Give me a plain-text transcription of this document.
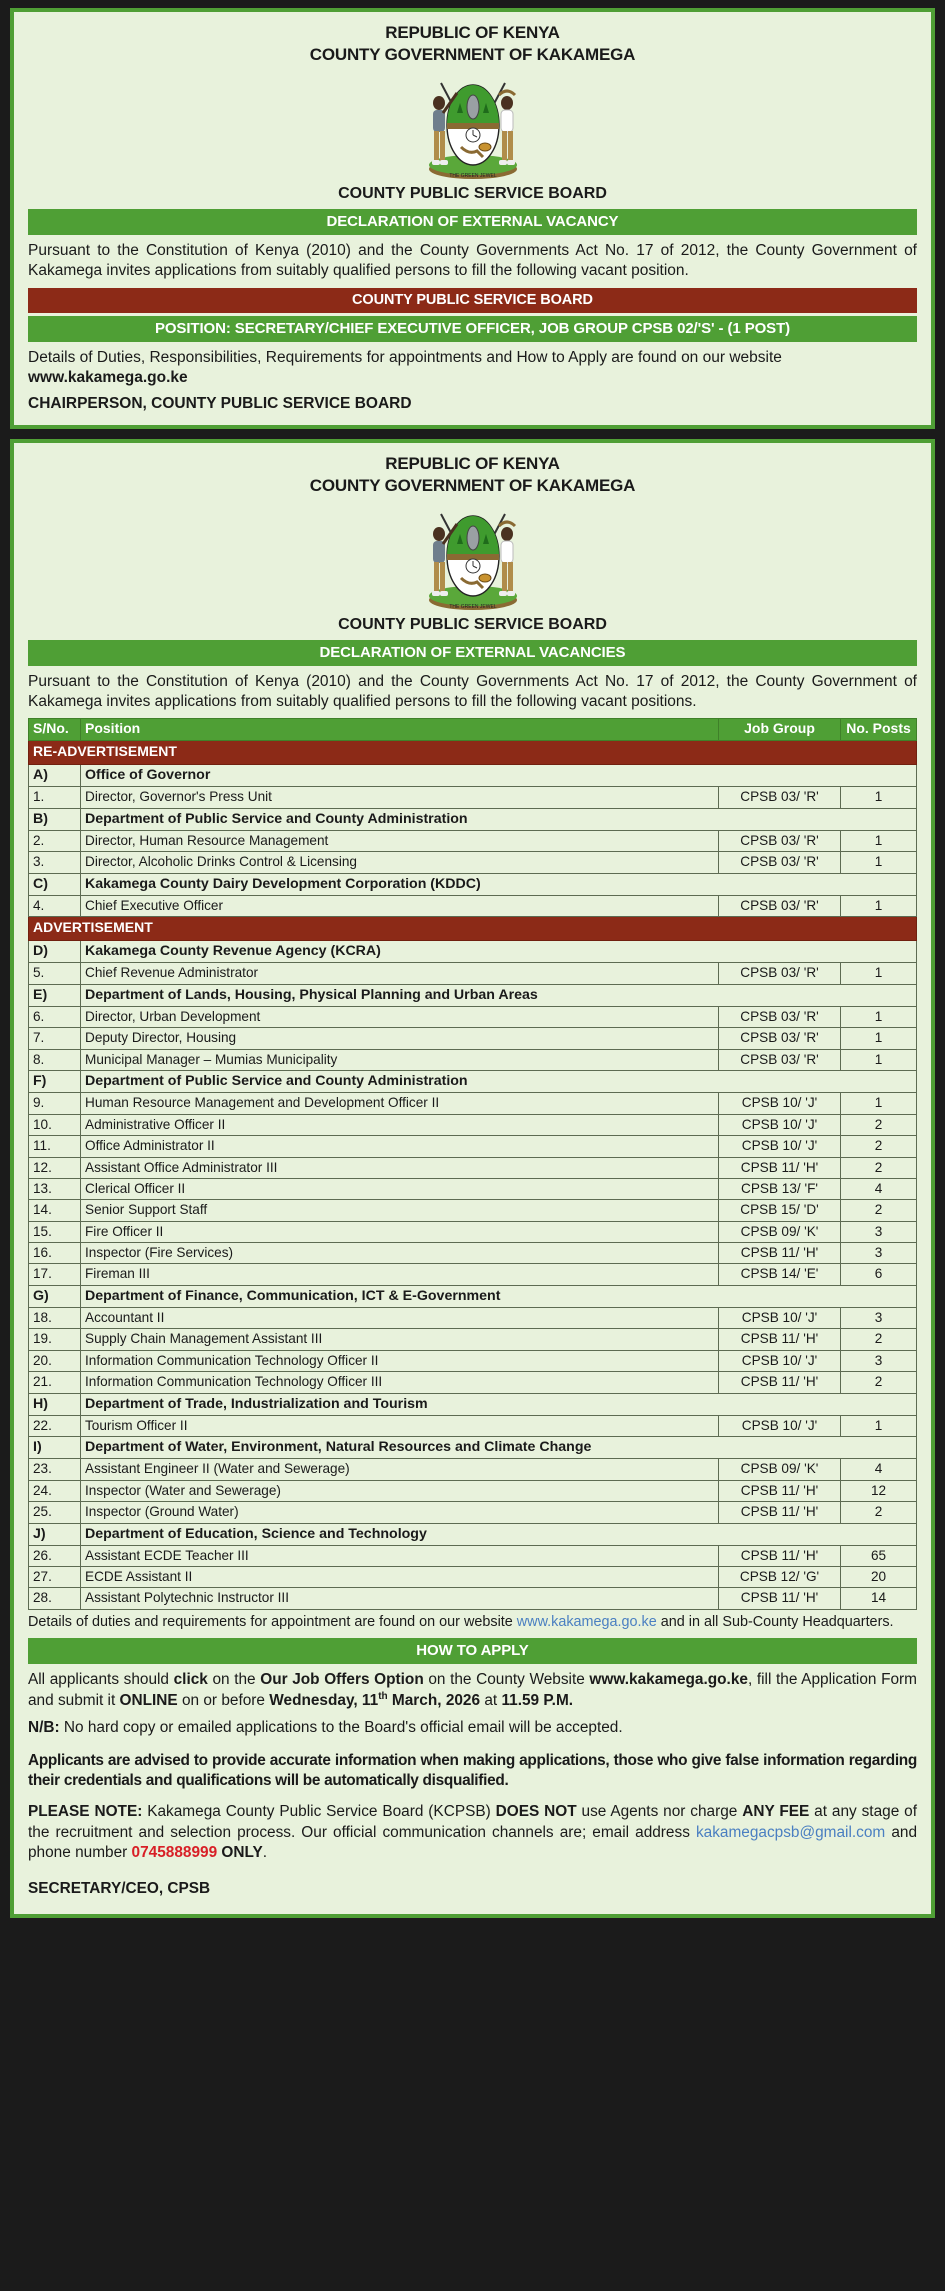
REPUBLIC OF KENYA
COUNTY GOVERNMENT OF KAKAMEGA
THE GREEN JEWEL
COUNTY PUBLIC SERVICE BOARD
DECLARATION OF EXTERNAL VACANCY

Pursuant to the Constitution of Kenya (2010) and the County Governments Act No. 17 of 2012, the County Government of Kakamega invites applications from suitably qualified persons to fill the following vacant position.

COUNTY PUBLIC SERVICE BOARD
POSITION: SECRETARY/CHIEF EXECUTIVE OFFICER, JOB GROUP CPSB 02/'S' - (1 POST)

Details of Duties, Responsibilities, Requirements for appointments and How to Apply are found on our website www.kakamega.go.ke

CHAIRPERSON, COUNTY PUBLIC SERVICE BOARD
REPUBLIC OF KENYA
COUNTY GOVERNMENT OF KAKAMEGA
THE GREEN JEWEL
COUNTY PUBLIC SERVICE BOARD
DECLARATION OF EXTERNAL VACANCIES

Pursuant to the Constitution of Kenya (2010) and the County Governments Act No. 17 of 2012, the County Government of Kakamega invites applications from suitably qualified persons to fill the following vacant positions.

S/No.	Position	Job Group	No. Posts
RE-ADVERTISEMENT			
A)	Office of Governor		
1.	Director, Governor's Press Unit	CPSB 03/ 'R'	1
B)	Department of Public Service and County Administration		
2.	Director, Human Resource Management	CPSB 03/ 'R'	1
3.	Director, Alcoholic Drinks Control & Licensing	CPSB 03/ 'R'	1
C)	Kakamega County Dairy Development Corporation (KDDC)		
4.	Chief Executive Officer	CPSB 03/ 'R'	1
ADVERTISEMENT			
D)	Kakamega County Revenue Agency (KCRA)		
5.	Chief Revenue Administrator	CPSB 03/ 'R'	1
E)	Department of Lands, Housing, Physical Planning and Urban Areas		
6.	Director, Urban Development	CPSB 03/ 'R'	1
7.	Deputy Director, Housing	CPSB 03/ 'R'	1
8.	Municipal Manager – Mumias Municipality	CPSB 03/ 'R'	1
F)	Department of Public Service and County Administration		
9.	Human Resource Management and Development Officer II	CPSB 10/ 'J'	1
10.	Administrative Officer II	CPSB 10/ 'J'	2
11.	Office Administrator II	CPSB 10/ 'J'	2
12.	Assistant Office Administrator III	CPSB 11/ 'H'	2
13.	Clerical Officer II	CPSB 13/ 'F'	4
14.	Senior Support Staff	CPSB 15/ 'D'	2
15.	Fire Officer II	CPSB 09/ 'K'	3
16.	Inspector (Fire Services)	CPSB 11/ 'H'	3
17.	Fireman III	CPSB 14/ 'E'	6
G)	Department of Finance, Communication, ICT & E-Government		
18.	Accountant II	CPSB 10/ 'J'	3
19.	Supply Chain Management Assistant III	CPSB 11/ 'H'	2
20.	Information Communication Technology Officer II	CPSB 10/ 'J'	3
21.	Information Communication Technology Officer III	CPSB 11/ 'H'	2
H)	Department of Trade, Industrialization and Tourism		
22.	Tourism Officer II	CPSB 10/ 'J'	1
I)	Department of Water, Environment, Natural Resources and Climate Change		
23.	Assistant Engineer II (Water and Sewerage)	CPSB 09/ 'K'	4
24.	Inspector (Water and Sewerage)	CPSB 11/ 'H'	12
25.	Inspector (Ground Water)	CPSB 11/ 'H'	2
J)	Department of Education, Science and Technology		
26.	Assistant ECDE Teacher III	CPSB 11/ 'H'	65
27.	ECDE Assistant II	CPSB 12/ 'G'	20
28.	Assistant Polytechnic Instructor III	CPSB 11/ 'H'	14

Details of duties and requirements for appointment are found on our website www.kakamega.go.ke and in all Sub-County Headquarters.

HOW TO APPLY

All applicants should click on the Our Job Offers Option on the County Website www.kakamega.go.ke, fill the Application Form and submit it ONLINE on or before Wednesday, 11th March, 2026 at 11.59 P.M.

N/B: No hard copy or emailed applications to the Board's official email will be accepted.

Applicants are advised to provide accurate information when making applications, those who give false information regarding their credentials and qualifications will be automatically disqualified.

PLEASE NOTE: Kakamega County Public Service Board (KCPSB) DOES NOT use Agents nor charge ANY FEE at any stage of the recruitment and selection process. Our official communication channels are; email address kakamegacpsb@gmail.com and phone number 0745888999 ONLY.

SECRETARY/CEO, CPSB
